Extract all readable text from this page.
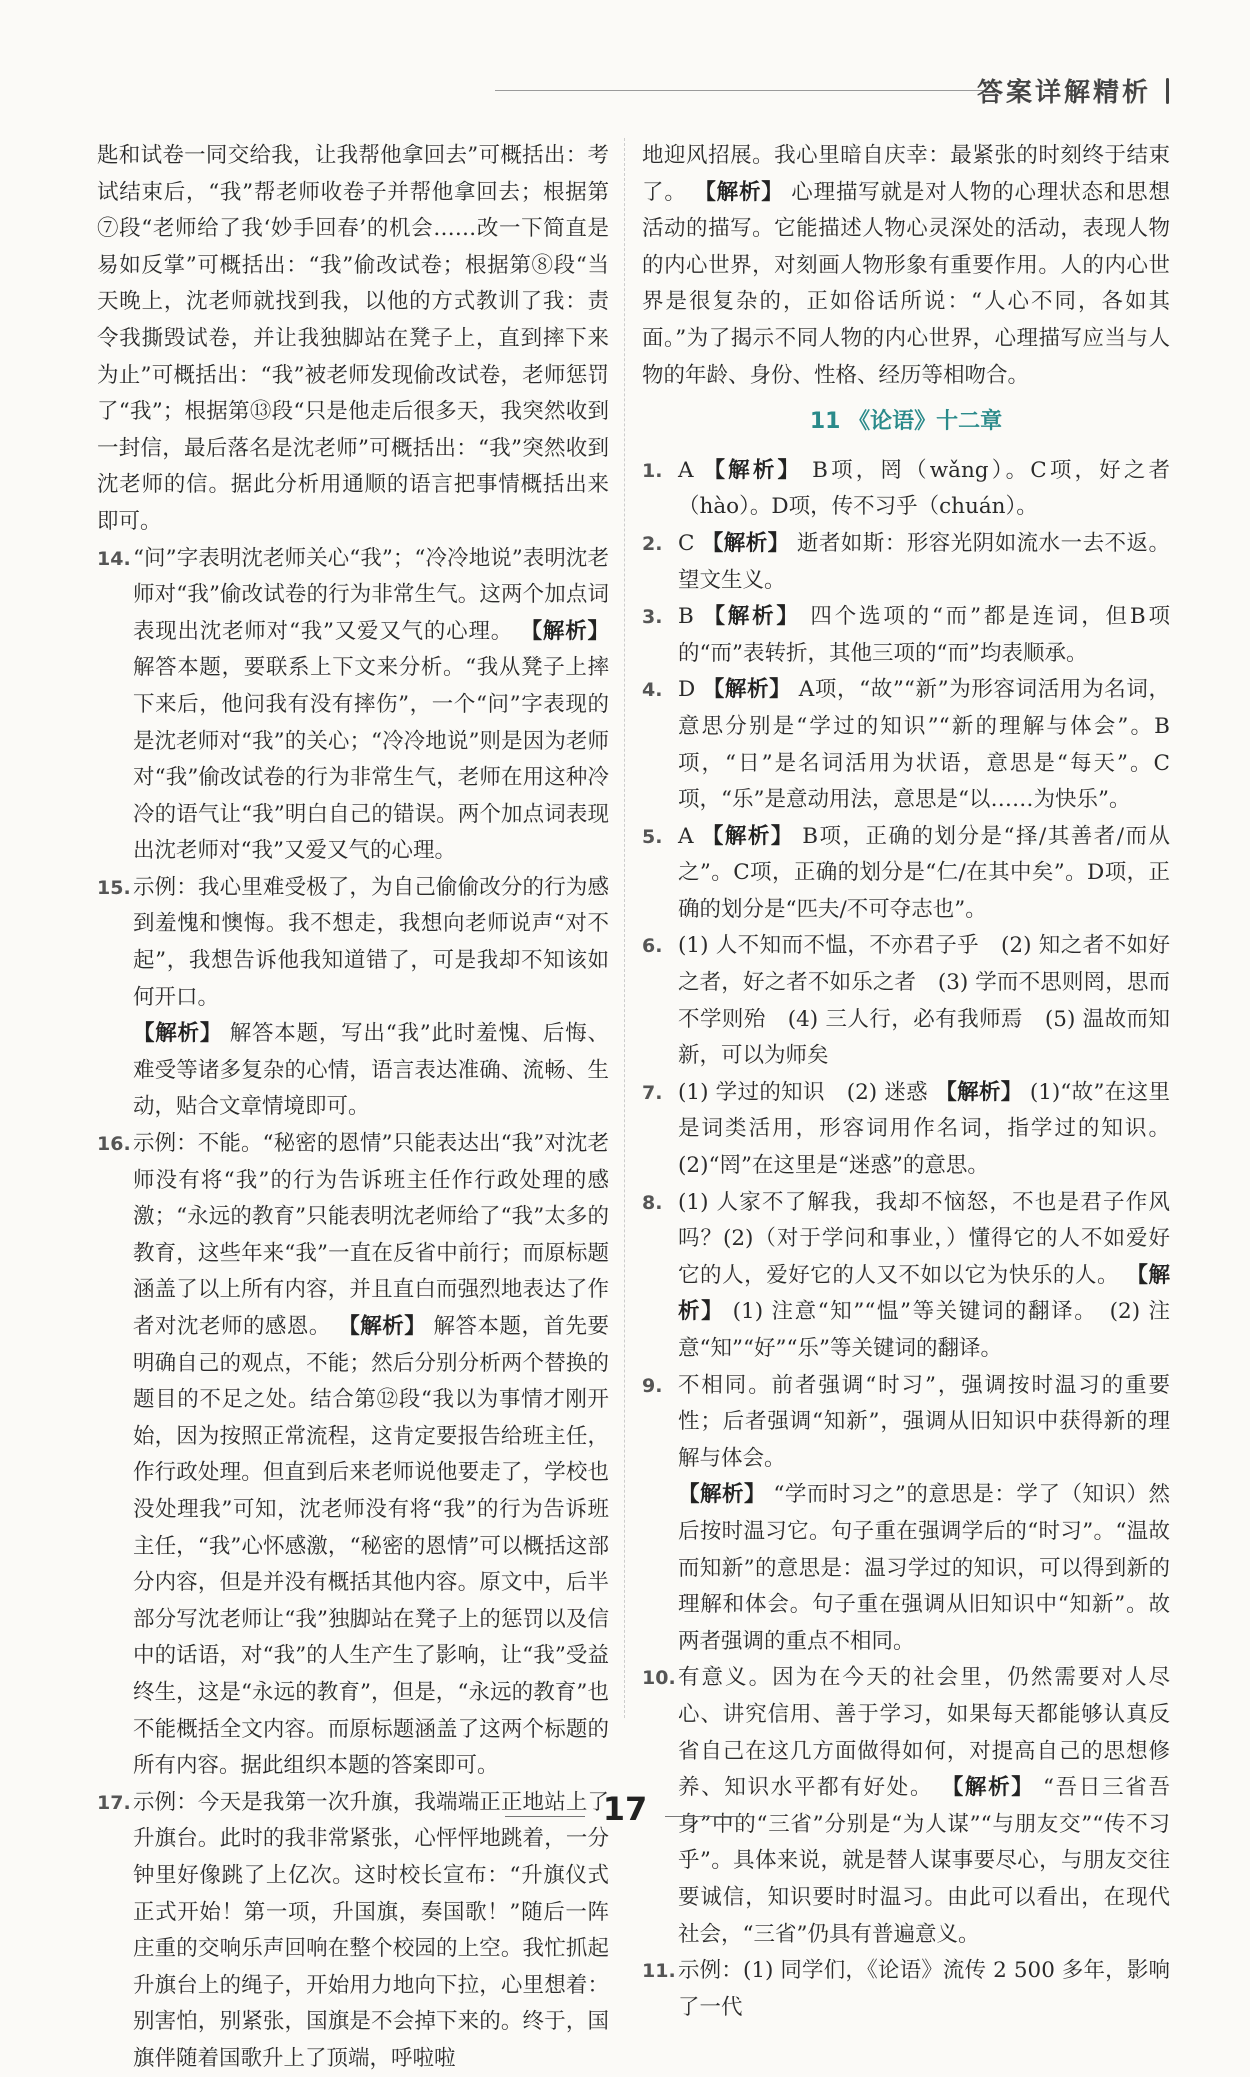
答案详解精析

匙和试卷一同交给我，让我帮他拿回去”可概括出：考试结束后，“我”帮老师收卷子并帮他拿回去；根据第⑦段“老师给了我‘妙手回春’的机会……改一下简直是易如反掌”可概括出：“我”偷改试卷；根据第⑧段“当天晚上，沈老师就找到我，以他的方式教训了我：责令我撕毁试卷，并让我独脚站在凳子上，直到摔下来为止”可概括出：“我”被老师发现偷改试卷，老师惩罚了“我”；根据第⑬段“只是他走后很多天，我突然收到一封信，最后落名是沈老师”可概括出：“我”突然收到沈老师的信。据此分析用通顺的语言把事情概括出来即可。

14. “问”字表明沈老师关心“我”；“冷冷地说”表明沈老师对“我”偷改试卷的行为非常生气。这两个加点词表现出沈老师对“我”又爱又气的心理。 【解析】 解答本题，要联系上下文来分析。“我从凳子上摔下来后，他问我有没有摔伤”，一个“问”字表现的是沈老师对“我”的关心；“冷冷地说”则是因为老师对“我”偷改试卷的行为非常生气，老师在用这种冷冷的语气让“我”明白自己的错误。两个加点词表现出沈老师对“我”又爱又气的心理。

15. 示例：我心里难受极了，为自己偷偷改分的行为感到羞愧和懊悔。我不想走，我想向老师说声“对不起”，我想告诉他我知道错了，可是我却不知该如何开口。

【解析】 解答本题，写出“我”此时羞愧、后悔、难受等诸多复杂的心情，语言表达准确、流畅、生动，贴合文章情境即可。

16. 示例：不能。“秘密的恩情”只能表达出“我”对沈老师没有将“我”的行为告诉班主任作行政处理的感激；“永远的教育”只能表明沈老师给了“我”太多的教育，这些年来“我”一直在反省中前行；而原标题涵盖了以上所有内容，并且直白而强烈地表达了作者对沈老师的感恩。 【解析】 解答本题，首先要明确自己的观点，不能；然后分别分析两个替换的题目的不足之处。结合第⑫段“我以为事情才刚开始，因为按照正常流程，这肯定要报告给班主任，作行政处理。但直到后来老师说他要走了，学校也没处理我”可知，沈老师没有将“我”的行为告诉班主任，“我”心怀感激，“秘密的恩情”可以概括这部分内容，但是并没有概括其他内容。原文中，后半部分写沈老师让“我”独脚站在凳子上的惩罚以及信中的话语，对“我”的人生产生了影响，让“我”受益终生，这是“永远的教育”，但是，“永远的教育”也不能概括全文内容。而原标题涵盖了这两个标题的所有内容。据此组织本题的答案即可。

17. 示例：今天是我第一次升旗，我端端正正地站上了升旗台。此时的我非常紧张，心怦怦地跳着，一分钟里好像跳了上亿次。这时校长宣布：“升旗仪式正式开始！第一项，升国旗，奏国歌！”随后一阵庄重的交响乐声回响在整个校园的上空。我忙抓起升旗台上的绳子，开始用力地向下拉，心里想着：别害怕，别紧张，国旗是不会掉下来的。终于，国旗伴随着国歌升上了顶端，呼啦啦

地迎风招展。我心里暗自庆幸：最紧张的时刻终于结束了。 【解析】 心理描写就是对人物的心理状态和思想活动的描写。它能描述人物心灵深处的活动，表现人物的内心世界，对刻画人物形象有重要作用。人的内心世界是很复杂的，正如俗话所说：“人心不同，各如其面。”为了揭示不同人物的内心世界，心理描写应当与人物的年龄、身份、性格、经历等相吻合。

11 《论语》十二章
1. A 【解析】 B项，罔（wǎng）。C项，好之者（hào）。D项，传不习乎（chuán）。

2. C 【解析】 逝者如斯：形容光阴如流水一去不返。望文生义。

3. B 【解析】 四个选项的“而”都是连词，但B项的“而”表转折，其他三项的“而”均表顺承。

4. D 【解析】 A项，“故”“新”为形容词活用为名词，意思分别是“学过的知识”“新的理解与体会”。B项，“日”是名词活用为状语，意思是“每天”。C项，“乐”是意动用法，意思是“以……为快乐”。

5. A 【解析】 B项，正确的划分是“择/其善者/而从之”。C项，正确的划分是“仁/在其中矣”。D项，正确的划分是“匹夫/不可夺志也”。

6. (1) 人不知而不愠，不亦君子乎　(2) 知之者不如好之者，好之者不如乐之者　(3) 学而不思则罔，思而不学则殆　(4) 三人行，必有我师焉　(5) 温故而知新，可以为师矣

7. (1) 学过的知识　(2) 迷惑 【解析】 (1)“故”在这里是词类活用，形容词用作名词，指学过的知识。(2)“罔”在这里是“迷惑”的意思。

8. (1) 人家不了解我，我却不恼怒，不也是君子作风吗？(2)（对于学问和事业，）懂得它的人不如爱好它的人，爱好它的人又不如以它为快乐的人。 【解析】 (1) 注意“知”“愠”等关键词的翻译。　(2) 注意“知”“好”“乐”等关键词的翻译。

9. 不相同。前者强调“时习”，强调按时温习的重要性；后者强调“知新”，强调从旧知识中获得新的理解与体会。

【解析】 “学而时习之”的意思是：学了（知识）然后按时温习它。句子重在强调学后的“时习”。“温故而知新”的意思是：温习学过的知识，可以得到新的理解和体会。句子重在强调从旧知识中“知新”。故两者强调的重点不相同。

10. 有意义。因为在今天的社会里，仍然需要对人尽心、讲究信用、善于学习，如果每天都能够认真反省自己在这几方面做得如何，对提高自己的思想修养、知识水平都有好处。 【解析】 “吾日三省吾身”中的“三省”分别是“为人谋”“与朋友交”“传不习乎”。具体来说，就是替人谋事要尽心，与朋友交往要诚信，知识要时时温习。由此可以看出，在现代社会，“三省”仍具有普遍意义。

11. 示例：(1) 同学们，《论语》流传 2 500 多年，影响了一代

17
